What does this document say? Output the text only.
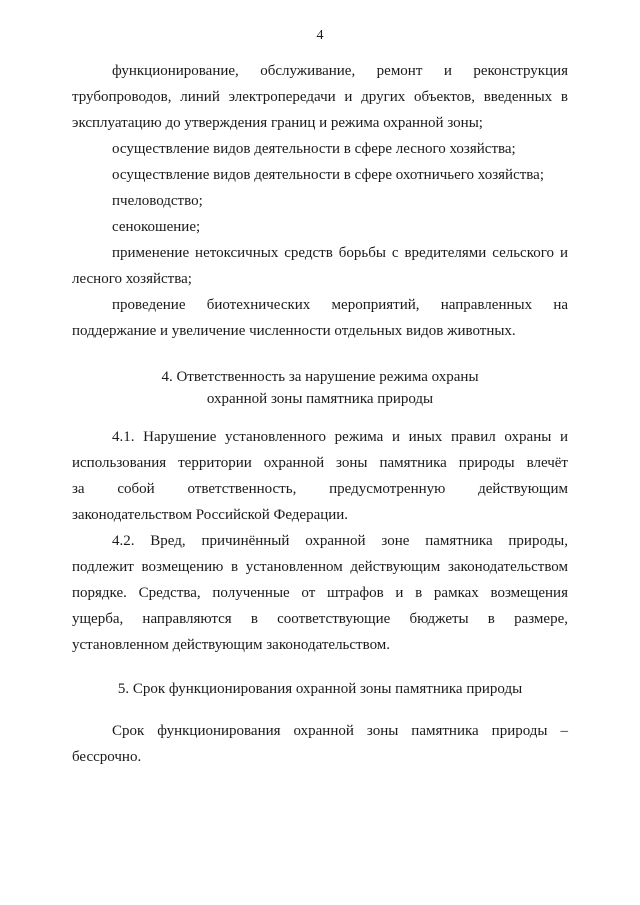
4
функционирование, обслуживание, ремонт и реконструкция
трубопроводов, линий электропередачи и других объектов, введенных в
эксплуатацию до утверждения границ и режима охранной зоны;
осуществление видов деятельности в сфере лесного хозяйства;
осуществление видов деятельности в сфере охотничьего хозяйства;
пчеловодство;
сенокошение;
применение нетоксичных средств борьбы с вредителями сельского и
лесного хозяйства;
проведение биотехнических мероприятий, направленных на
поддержание и увеличение численности отдельных видов животных.
4. Ответственность за нарушение режима охраны
охранной зоны памятника природы
4.1. Нарушение установленного режима и иных правил охраны и
использования территории охранной зоны памятника природы влечёт
за собой ответственность, предусмотренную действующим
законодательством Российской Федерации.
4.2. Вред, причинённый охранной зоне памятника природы,
подлежит возмещению в установленном действующим законодательством
порядке. Средства, полученные от штрафов и в рамках возмещения
ущерба, направляются в соответствующие бюджеты в размере,
установленном действующим законодательством.
5. Срок функционирования охранной зоны памятника природы
Срок функционирования охранной зоны памятника природы –
бессрочно.
